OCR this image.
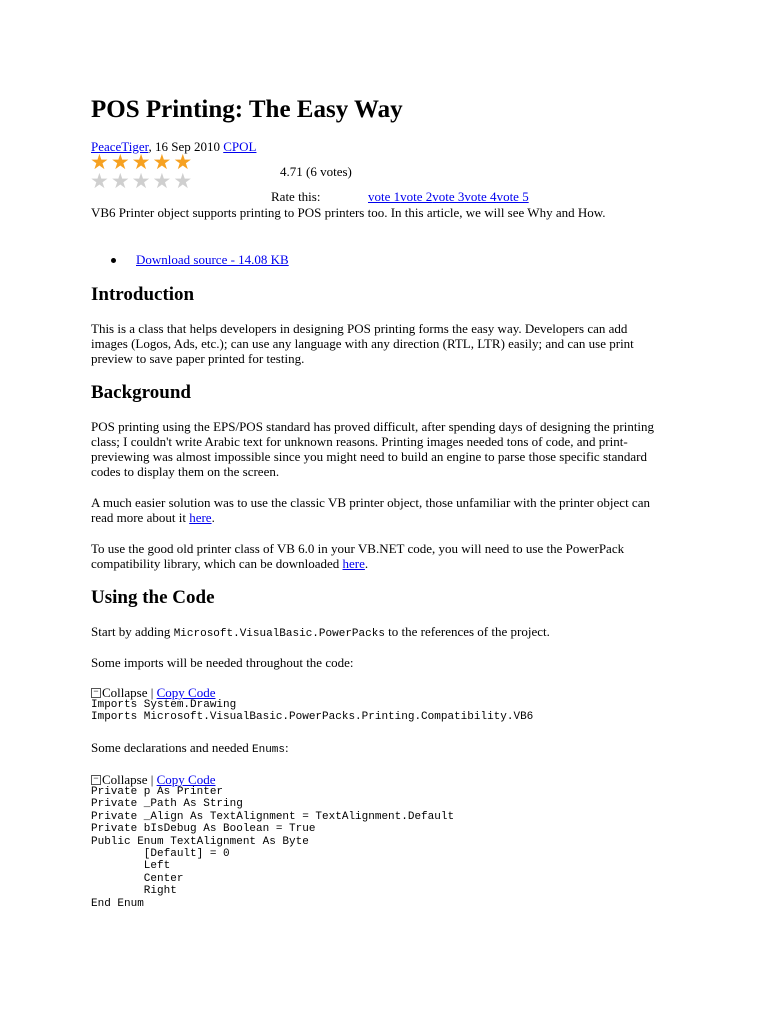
POS Printing: The Easy Way
PeaceTiger, 16 Sep 2010 CPOL
★★★★★
★★★★★	4.71 (6 votes)
Rate this:	vote 1vote 2vote 3vote 4vote 5

VB6 Printer object supports printing to POS printers too. In this article, we will see Why and How.

Download source - 14.08 KB
Introduction

This is a class that helps developers in designing POS printing forms the easy way. Developers can add images (Logos, Ads, etc.); can use any language with any direction (RTL, LTR) easily; and can use print preview to save paper printed for testing.

Background

POS printing using the EPS/POS standard has proved difficult, after spending days of designing the printing class; I couldn't write Arabic text for unknown reasons. Printing images needed tons of code, and print-previewing was almost impossible since you might need to build an engine to parse those specific standard codes to display them on the screen.

A much easier solution was to use the classic VB printer object, those unfamiliar with the printer object can read more about it here.

To use the good old printer class of VB 6.0 in your VB.NET code, you will need to use the PowerPack compatibility library, which can be downloaded here.

Using the Code

Start by adding Microsoft.VisualBasic.PowerPacks to the references of the project.

Some imports will be needed throughout the code:

− Collapse | Copy Code
Imports System.Drawing
Imports Microsoft.VisualBasic.PowerPacks.Printing.Compatibility.VB6

Some declarations and needed Enums:

− Collapse | Copy Code
Private p As Printer
Private _Path As String
Private _Align As TextAlignment = TextAlignment.Default
Private bIsDebug As Boolean = True
Public Enum TextAlignment As Byte
[Default] = 0
Left
Center
Right
End Enum
